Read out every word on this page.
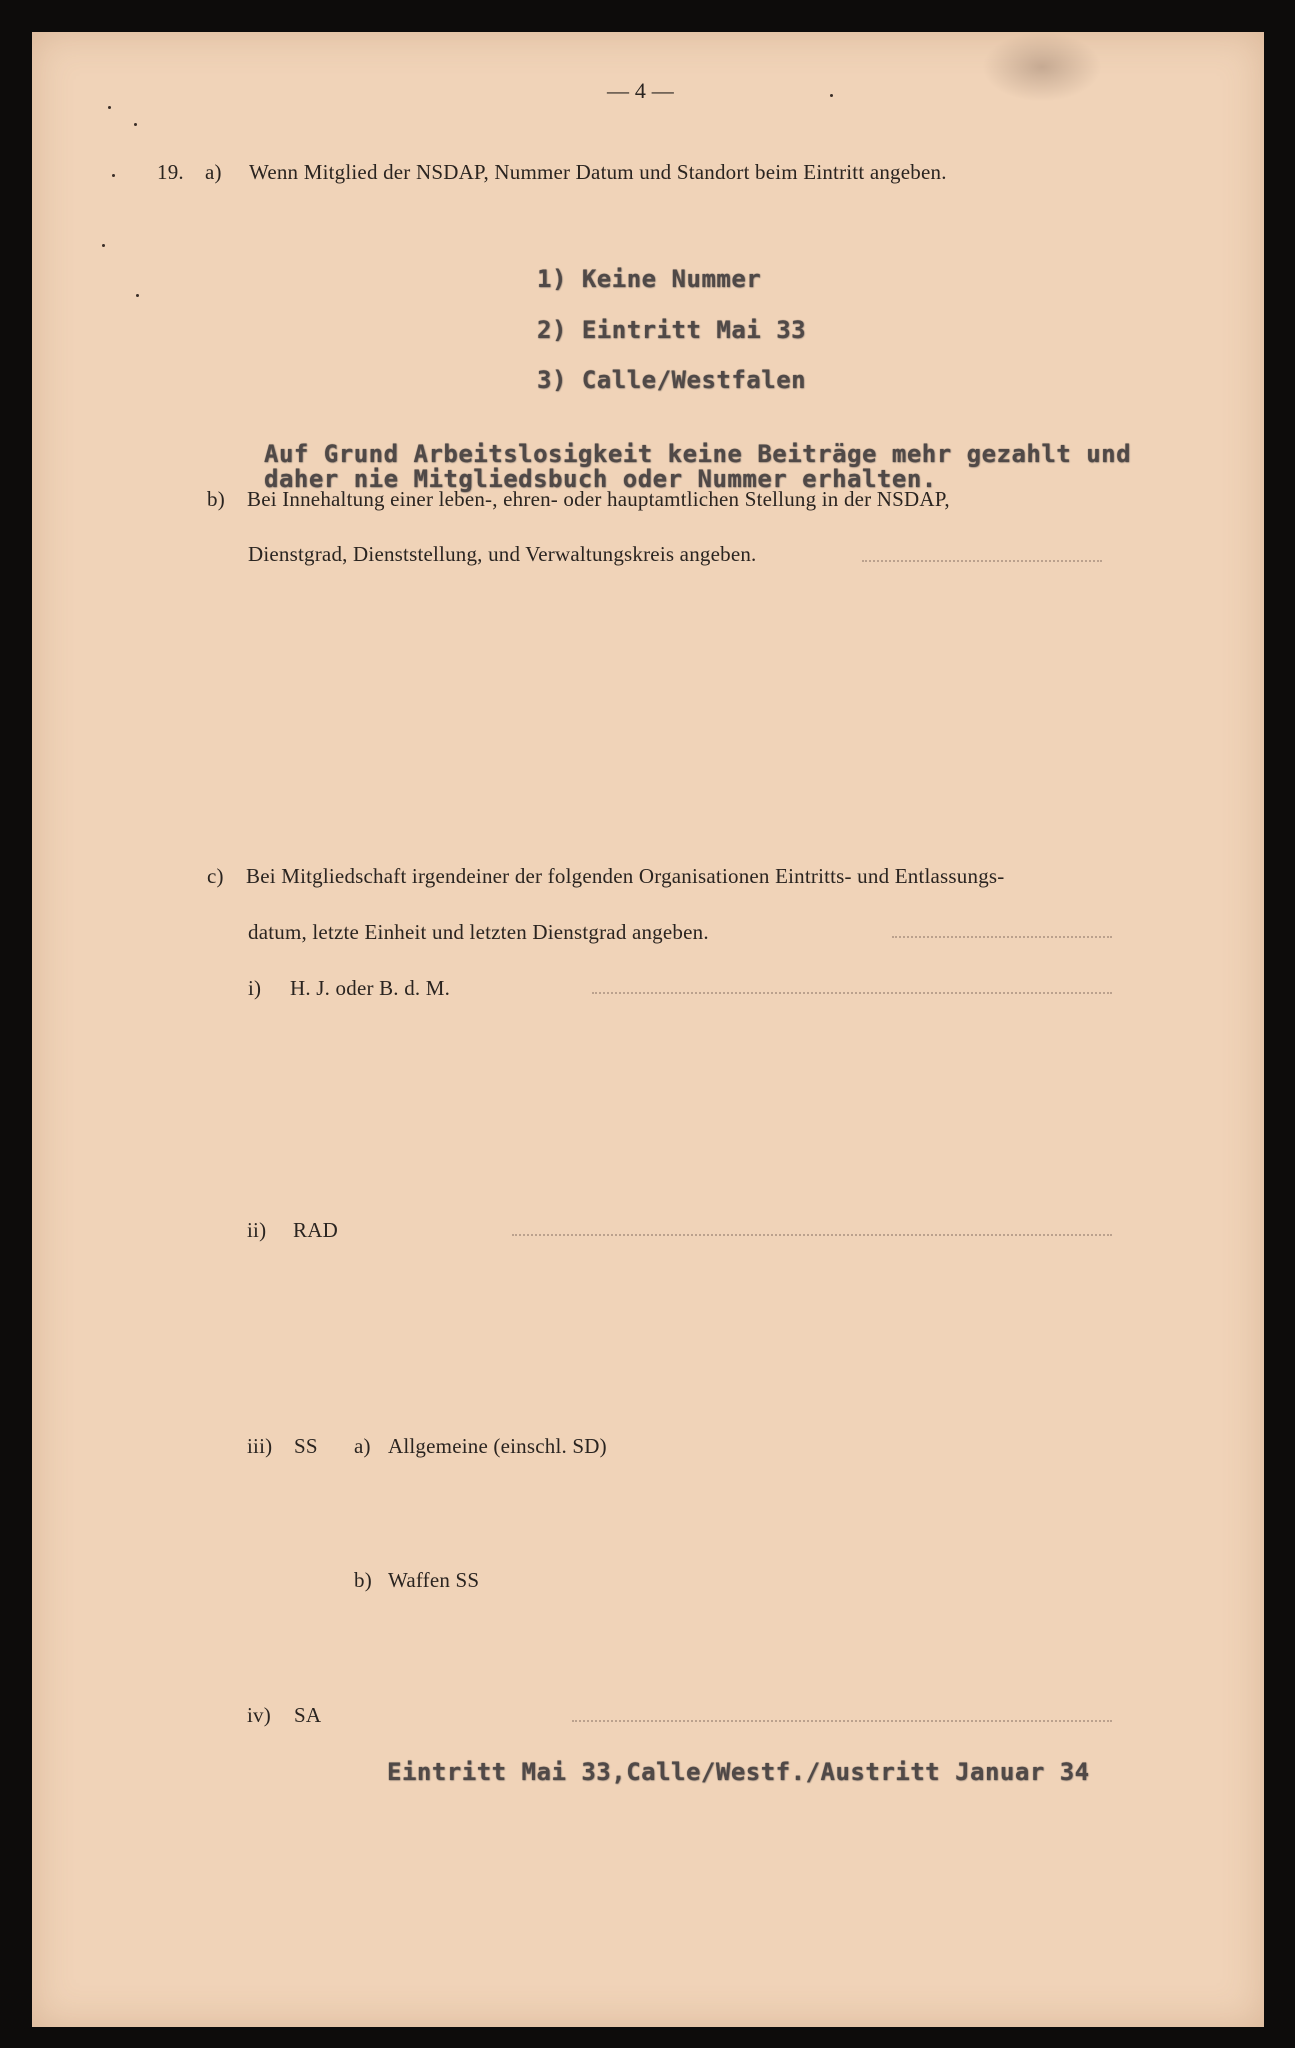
— 4 —
19. a) Wenn Mitglied der NSDAP, Nummer Datum und Standort beim Eintritt angeben.
1) Keine Nummer
2) Eintritt Mai 33
3) Calle/Westfalen
Auf Grund Arbeitslosigkeit keine Beiträge mehr gezahlt und
daher nie Mitgliedsbuch oder Nummer erhalten.
b) Bei Innehaltung einer leben-, ehren- oder hauptamtlichen Stellung in der NSDAP,
Dienstgrad, Dienststellung, und Verwaltungskreis angeben.
c) Bei Mitgliedschaft irgendeiner der folgenden Organisationen Eintritts- und Entlassungs-
datum, letzte Einheit und letzten Dienstgrad angeben.
i) H. J. oder B. d. M.
ii) RAD
iii) SS a) Allgemeine (einschl. SD)
b) Waffen SS
iv) SA
Eintritt Mai 33,Calle/Westf./Austritt Januar 34
